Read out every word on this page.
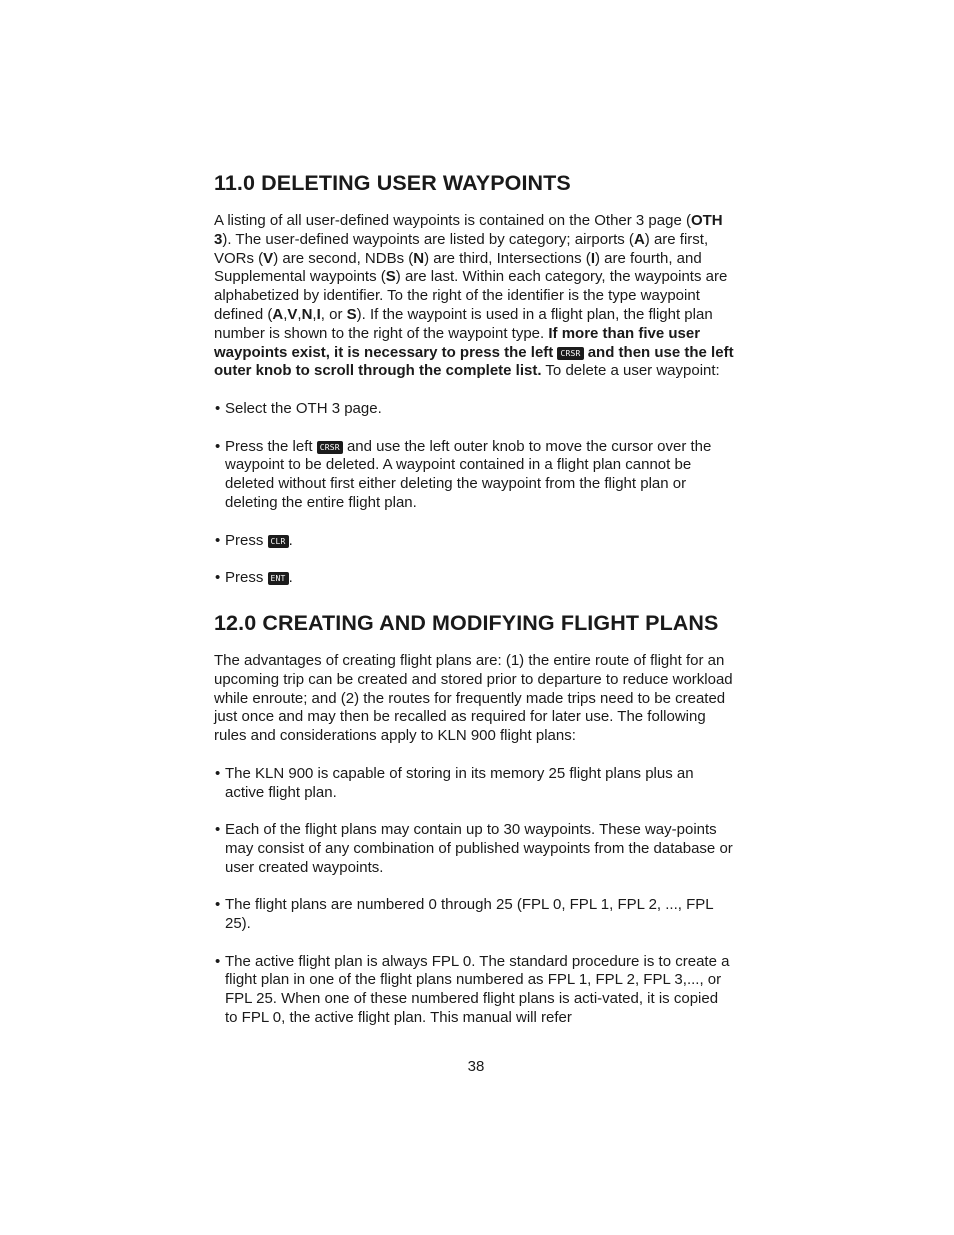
11.0 DELETING USER WAYPOINTS

A listing of all user-defined waypoints is contained on the Other 3 page (OTH 3). The user-defined waypoints are listed by category; airports (A) are first, VORs (V) are second, NDBs (N) are third, Intersections (I) are fourth, and Supplemental waypoints (S) are last. Within each category, the waypoints are alphabetized by identifier. To the right of the identifier is the type waypoint defined (A,V,N,I, or S). If the waypoint is used in a flight plan, the flight plan number is shown to the right of the waypoint type. If more than five user waypoints exist, it is necessary to press the left CRSR and then use the left outer knob to scroll through the complete list. To delete a user waypoint:

• Select the OTH 3 page.

• Press the left CRSR and use the left outer knob to move the cursor over the waypoint to be deleted. A waypoint contained in a flight plan cannot be deleted without first either deleting the waypoint from the flight plan or deleting the entire flight plan.

• Press CLR .

• Press ENT .

12.0 CREATING AND MODIFYING FLIGHT PLANS

The advantages of creating flight plans are: (1) the entire route of flight for an upcoming trip can be created and stored prior to departure to reduce workload while enroute; and (2) the routes for frequently made trips need to be created just once and may then be recalled as required for later use. The following rules and considerations apply to KLN 900 flight plans:

• The KLN 900 is capable of storing in its memory 25 flight plans plus an active flight plan.

• Each of the flight plans may contain up to 30 waypoints. These way-points may consist of any combination of published waypoints from the database or user created waypoints.

• The flight plans are numbered 0 through 25 (FPL 0, FPL 1, FPL 2, ..., FPL 25).

• The active flight plan is always FPL 0. The standard procedure is to create a flight plan in one of the flight plans numbered as FPL 1, FPL 2, FPL 3,..., or FPL 25. When one of these numbered flight plans is acti-vated, it is copied to FPL 0, the active flight plan. This manual will refer

38
